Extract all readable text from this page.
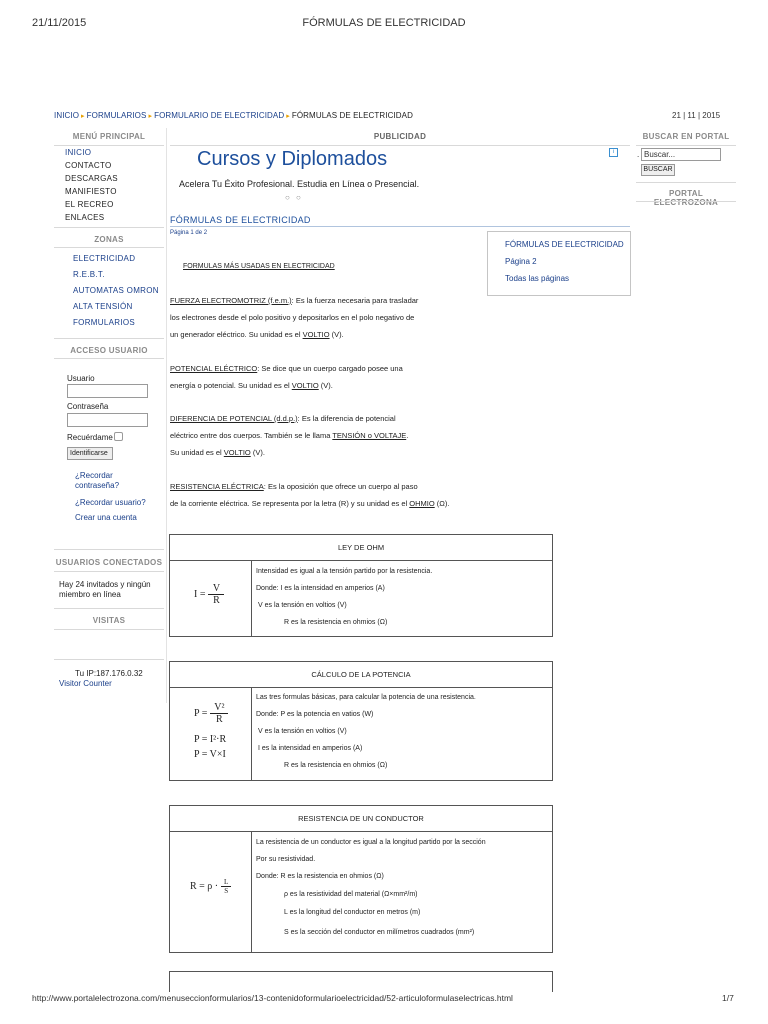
21/11/2015	FÓRMULAS DE ELECTRICIDAD
INICIO ▸ FORMULARIOS ▸ FORMULARIO DE ELECTRICIDAD ▸ FÓRMULAS DE ELECTRICIDAD	21 | 11 | 2015
MENÚ PRINCIPAL
INICIO
CONTACTO
DESCARGAS
MANIFIESTO
EL RECREO
ENLACES
ZONAS
ELECTRICIDAD
R.E.B.T.
AUTOMATAS OMRON
ALTA TENSIÓN
FORMULARIOS
ACCESO USUARIO
Usuario
Contraseña
Recuérdame
Identificarse
¿Recordar contraseña?
¿Recordar usuario?
Crear una cuenta
USUARIOS CONECTADOS
Hay 24 invitados y ningún miembro en línea
VISITAS
Tu IP:187.176.0.32
Visitor Counter
BUSCAR EN PORTAL
. Buscar...
BUSCAR
PORTAL ELECTROZONA
PUBLICIDAD
Cursos y Diplomados
Acelera Tu Éxito Profesional. Estudia en Línea o Presencial.
○ ○
i
FÓRMULAS DE ELECTRICIDAD
Página 1 de 2
FÓRMULAS DE ELECTRICIDAD
Página 2
Todas las páginas
FORMULAS MÁS USADAS EN ELECTRICIDAD
FUERZA ELECTROMOTRIZ (f.e.m.): Es la fuerza necesaria para trasladar
los electrones desde el polo positivo y depositarlos en el polo negativo de
un generador eléctrico. Su unidad es el VOLTIO (V).
POTENCIAL ELÉCTRICO: Se dice que un cuerpo cargado posee una
energía o potencial. Su unidad es el VOLTIO (V).
DIFERENCIA DE POTENCIAL (d.d.p.): Es la diferencia de potencial
eléctrico entre dos cuerpos. También se le llama TENSIÓN o VOLTAJE.
Su unidad es el VOLTIO (V).
RESISTENCIA ELÉCTRICA: Es la oposición que ofrece un cuerpo al paso
de la corriente eléctrica. Se representa por la letra (R) y su unidad es el OHMIO (Ω).
LEY DE OHM
I =
V
R
Intensidad es igual a la tensión partido por la resistencia.
Donde: I es la intensidad en amperios (A)
V es la tensión en voltios (V)
R es la resistencia en ohmios (Ω)
CÁLCULO DE LA POTENCIA
P =
V²
R
P = I²·R
P = V×I
Las tres formulas básicas, para calcular la potencia de una resistencia.
Donde: P es la potencia en vatios (W)
V es la tensión en voltios (V)
I es la intensidad en amperios (A)
R es la resistencia en ohmios (Ω)
RESISTENCIA DE UN CONDUCTOR
R = ρ · L
S
La resistencia de un conductor es igual a la longitud partido por la sección
Por su resistividad.
Donde: R es la resistencia en ohmios (Ω)
ρ es la resistividad del material (Ω×mm²/m)
L es la longitud del conductor en metros (m)
S es la sección del conductor en milímetros cuadrados (mm²)
http://www.portalelectrozona.com/menuseccionformularios/13-contenidoformularioelectricidad/52-articuloformulaselectricas.html	1/7
